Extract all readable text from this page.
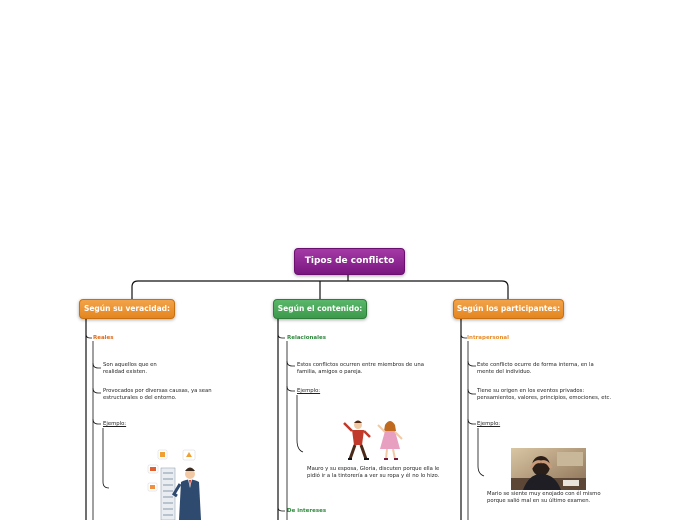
Tipos de conflicto
Según su veracidad:	Según el contenido:	Según los participantes:
Reales
Son aquellos que en realidad existen.
Provocados por diversas causas, ya sean estructurales o del entorno.
Ejemplo:
Relacionales
Estos conflictos ocurren entre miembros de una familia, amigos o pareja.
Ejemplo:
Mauro y su esposa, Gloria, discuten porque ella le pidió ir a la tintorería a ver su ropa y él no lo hizo.
De intereses
Intrapersonal
Este conflicto ocurre de forma interna, en la mente del individuo.
Tiene su origen en los eventos privados: pensamientos, valores, principios, emociones, etc.
Ejemplo:
Mario se siente muy enojado con él mismo porque salió mal en su último examen.
